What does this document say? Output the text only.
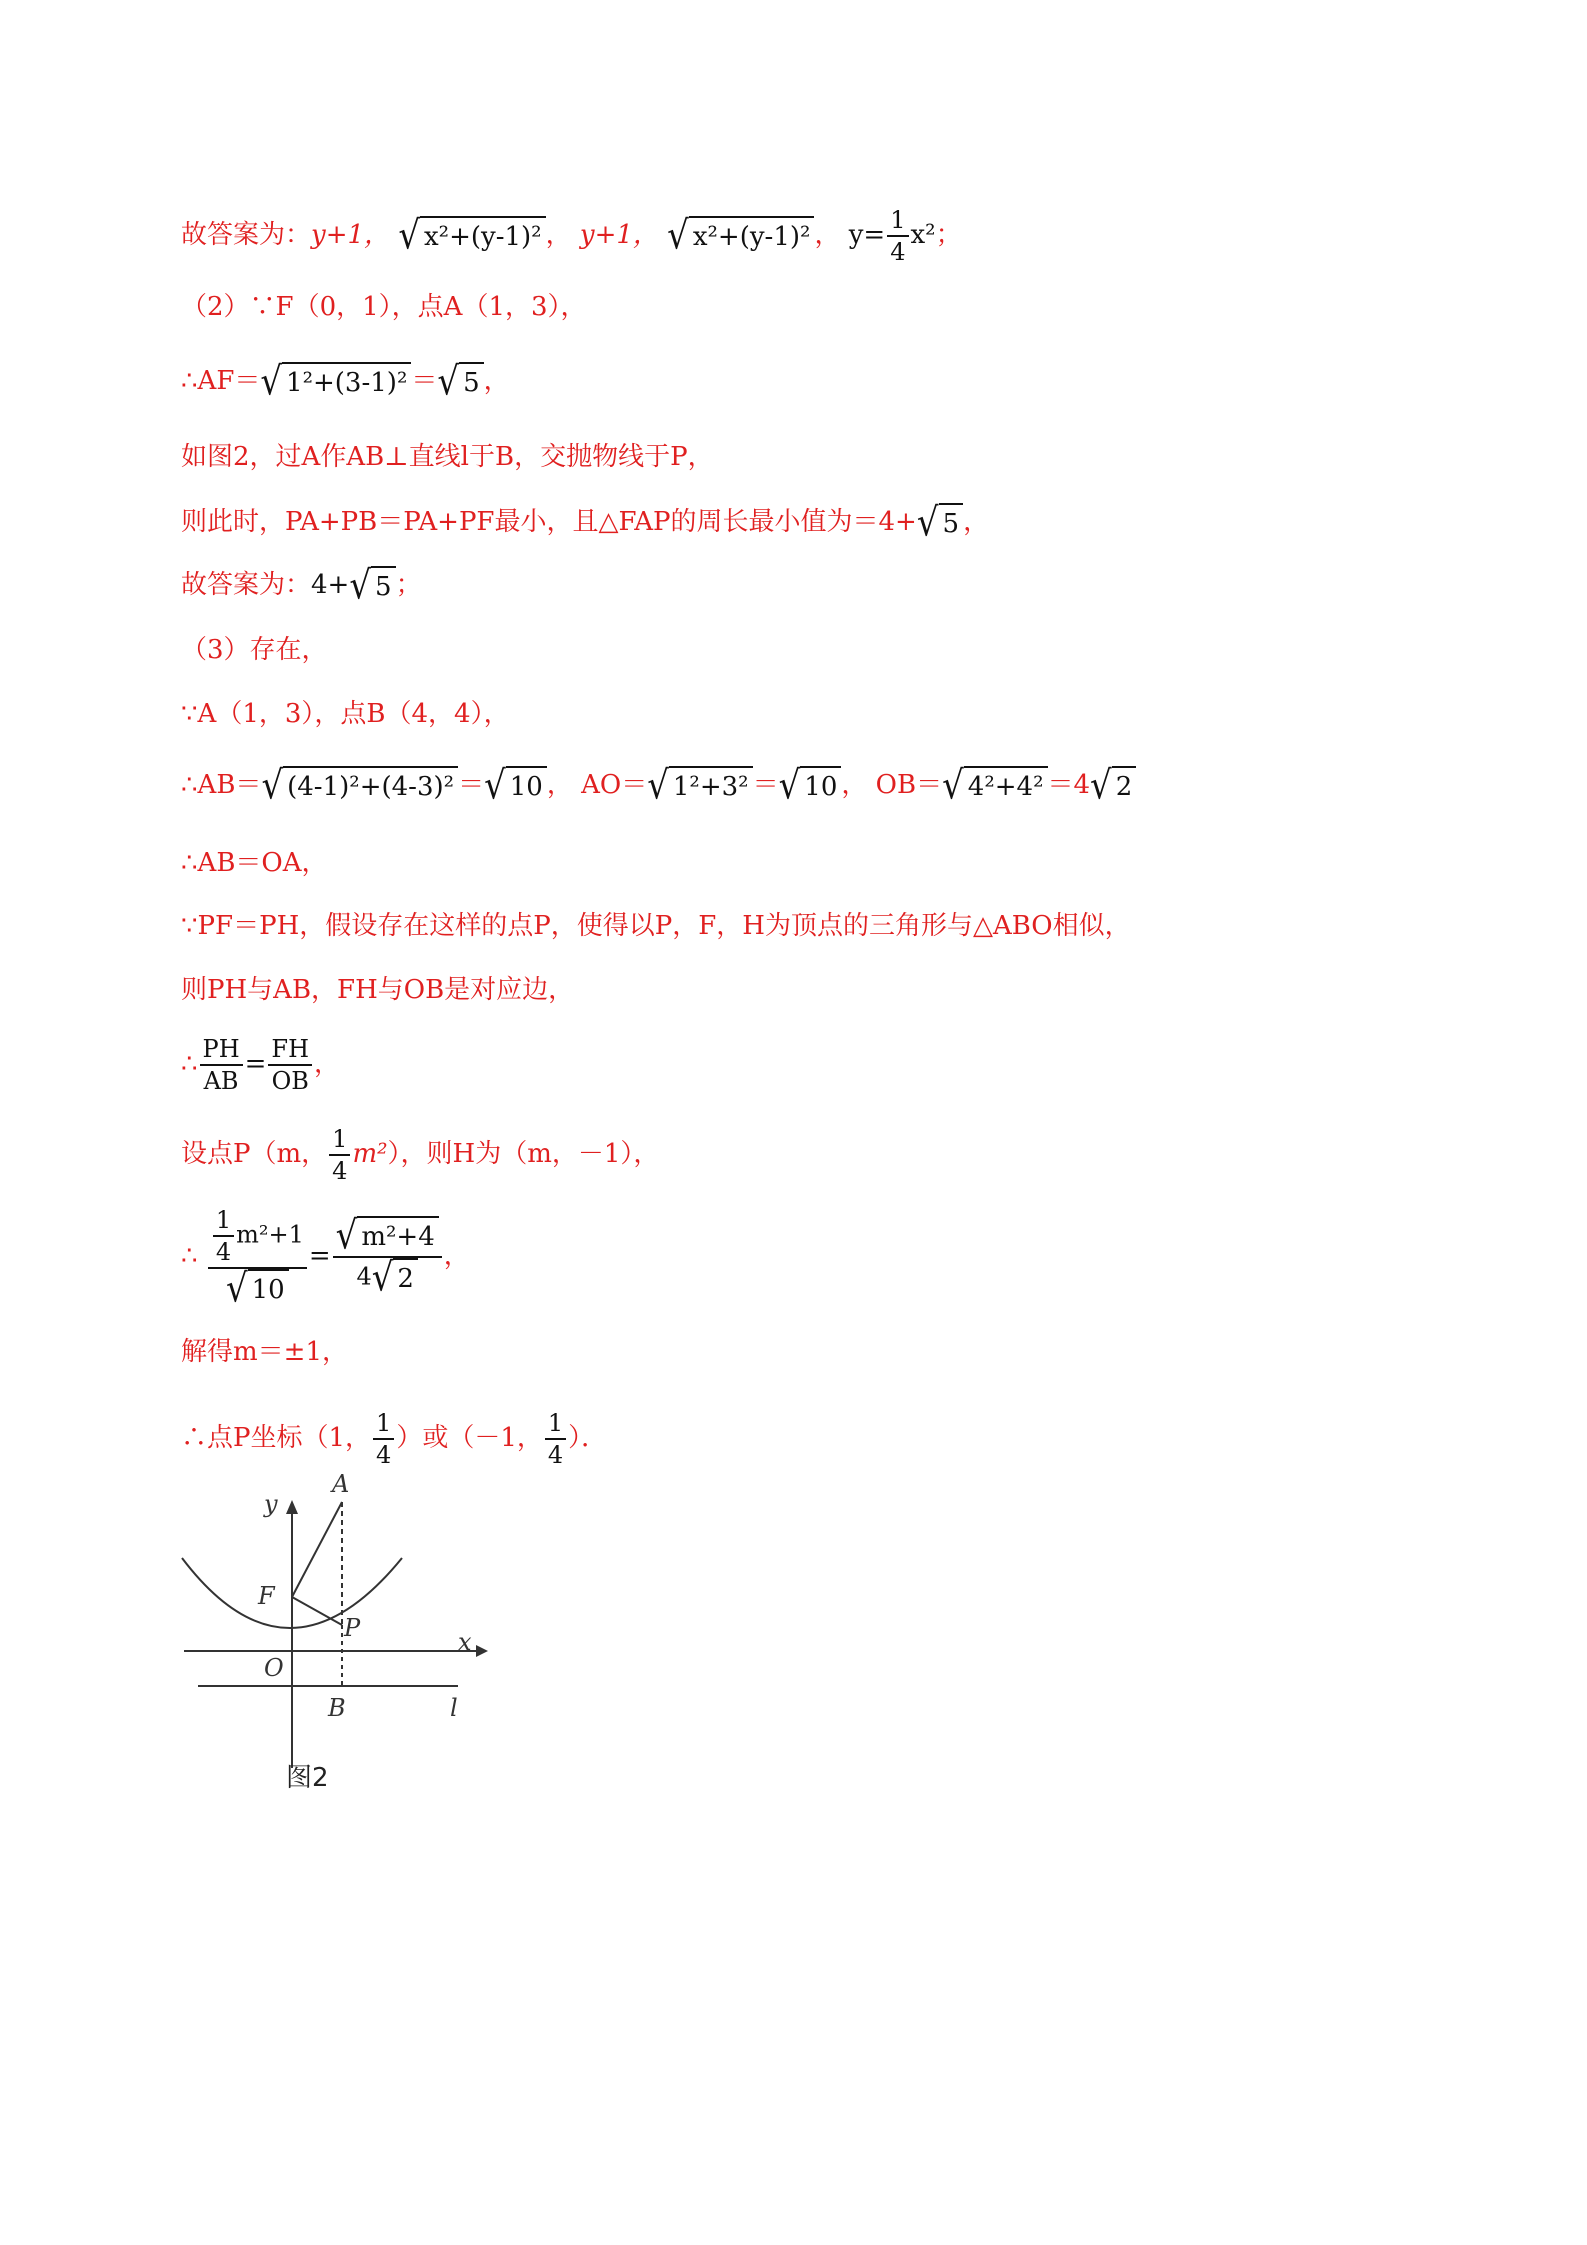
故答案为：y+1， √ x²+(y-1)² ， y+1， √ x²+(y-1)² ， $y= \frac{1}{4} x^2$；
（2）∵F（0，1），点A（1，3），
∴AF＝ √ 1²+(3-1)² ＝ √ 5 ，
如图2，过A作AB⊥直线l于B，交抛物线于P，
则此时，PA+PB＝PA+PF最小，且△FAP的周长最小值为＝4+ √ 5 ，
故答案为：4+ √ 5 ；
（3）存在，
∵A（1，3），点B（4，4），
∴AB＝ √ (4-1)²+(4-3)² ＝ √ 10 ， AO＝ √ 1²+3² ＝ √ 10 ， OB＝ √ 4²+4² ＝4 √ 2
∴AB＝OA，
∵PF＝PH，假设存在这样的点P，使得以P，F，H为顶点的三角形与△ABO相似，
则PH与AB，FH与OB是对应边，
∴ $\frac{PH}{AB} = \frac{FH}{OB}$ ，
设点P（m， $\frac{1}{4} m^2$），则H为（m，－1），
∴ $\frac{\frac{1}{4} m^2+1}{√ 10} = \frac{\text{√ m²+4}}{4 √ 2}$ ，
解得m＝±1，
∴点P坐标（1， $\frac{1}{4}$ ）或（－1， $\frac{1}{4}$ ）．
y
A
F
P
O
x
B	l
图2
